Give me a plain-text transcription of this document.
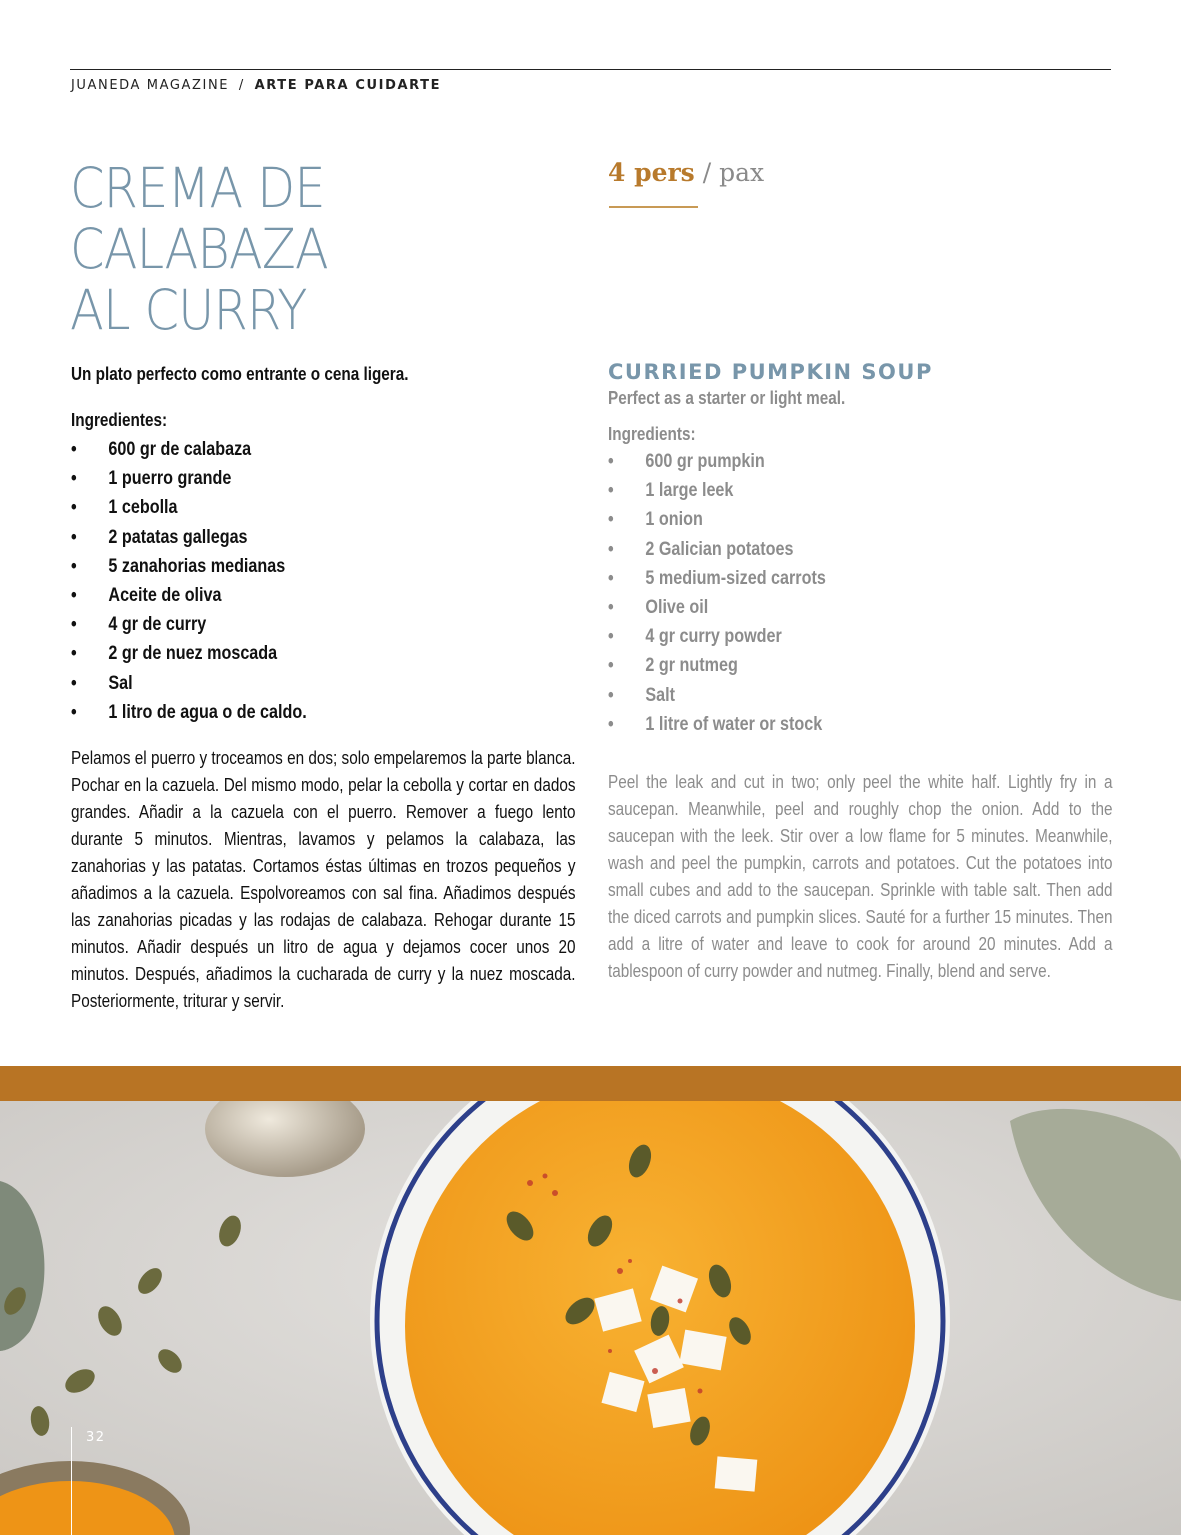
JUANEDA MAGAZINE / ARTE PARA CUIDARTE
CREMA DE
CALABAZA
AL CURRY
4 pers / pax

Un plato perfecto como entrante o cena ligera.

Ingredientes:

• 600 gr de calabaza
• 1 puerro grande
• 1 cebolla
• 2 patatas gallegas
• 5 zanahorias medianas
• Aceite de oliva
• 4 gr de curry
• 2 gr de nuez moscada
• Sal
• 1 litro de agua o de caldo.

Pelamos el puerro y troceamos en dos; solo empelaremos la parte blanca. Pochar en la cazuela. Del mismo modo, pelar la cebolla y cortar en dados grandes. Añadir a la cazuela con el puerro. Remover a fuego lento durante 5 minutos. Mientras, lavamos y pelamos la calabaza, las zanahorias y las patatas. Cortamos éstas últimas en trozos pequeños y añadimos a la cazuela. Espolvoreamos con sal fina. Añadimos después las zanahorias picadas y las rodajas de calabaza. Rehogar durante 15 minutos. Añadir después un litro de agua y dejamos cocer unos 20 minutos. Después, añadimos la cucharada de curry y la nuez moscada. Posteriormente, triturar y servir.

CURRIED PUMPKIN SOUP

Perfect as a starter or light meal.

Ingredients:

• 600 gr pumpkin
• 1 large leek
• 1 onion
• 2 Galician potatoes
• 5 medium-sized carrots
• Olive oil
• 4 gr curry powder
• 2 gr nutmeg
• Salt
• 1 litre of water or stock

Peel the leak and cut in two; only peel the white half. Lightly fry in a saucepan. Meanwhile, peel and roughly chop the onion. Add to the saucepan with the leek. Stir over a low flame for 5 minutes. Meanwhile, wash and peel the pumpkin, carrots and potatoes. Cut the potatoes into small cubes and add to the saucepan. Sprinkle with table salt. Then add the diced carrots and pumpkin slices. Sauté for a further 15 minutes. Then add a litre of water and leave to cook for around 20 minutes. Add a tablespoon of curry powder and nutmeg. Finally, blend and serve.

32
